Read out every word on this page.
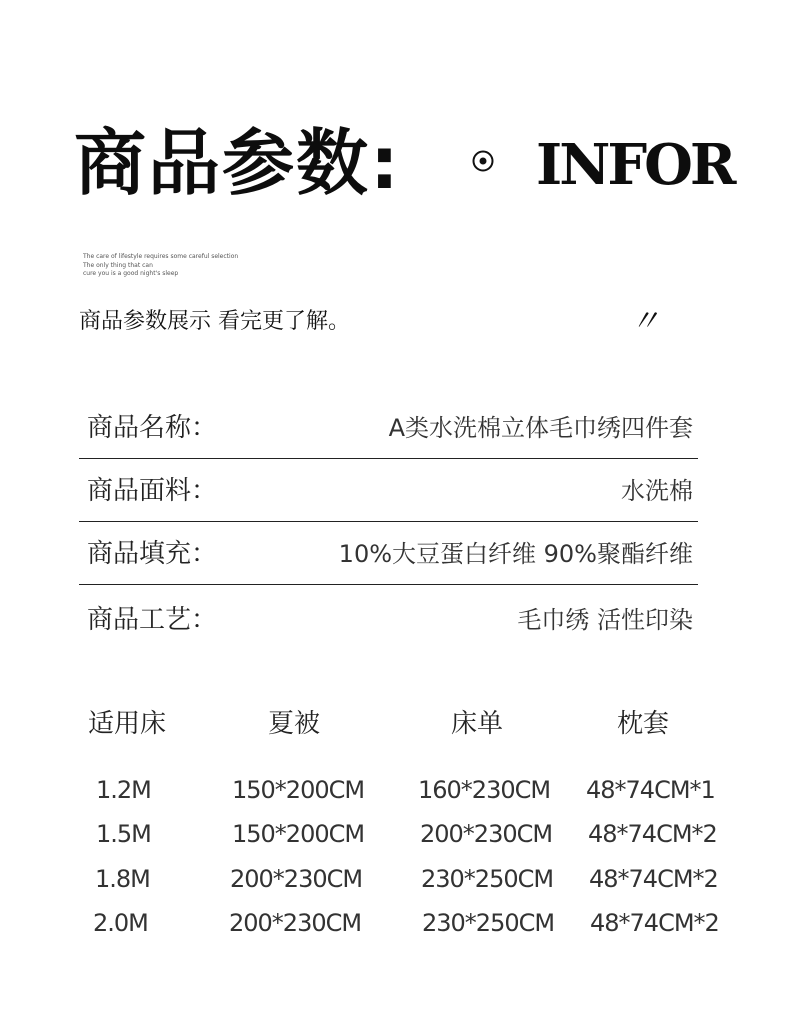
商品参数: INFOR
The care of lifestyle requires some careful selection
The only thing that can
cure you is a good night's sleep
商品参数展示 看完更了解。	〃
商品名称：	A类水洗棉立体毛巾绣四件套
商品面料：	水洗棉
商品填充：	10%大豆蛋白纤维 90%聚酯纤维
商品工艺：	毛巾绣 活性印染
适用床	夏被	床单	枕套
1.2M	150*200CM 160*230CM 48*74CM*1
1.5M	150*200CM 200*230CM 48*74CM*2
1.8M	200*230CM 230*250CM 48*74CM*2
2.0M	200*230CM	230*250CM 48*74CM*2
